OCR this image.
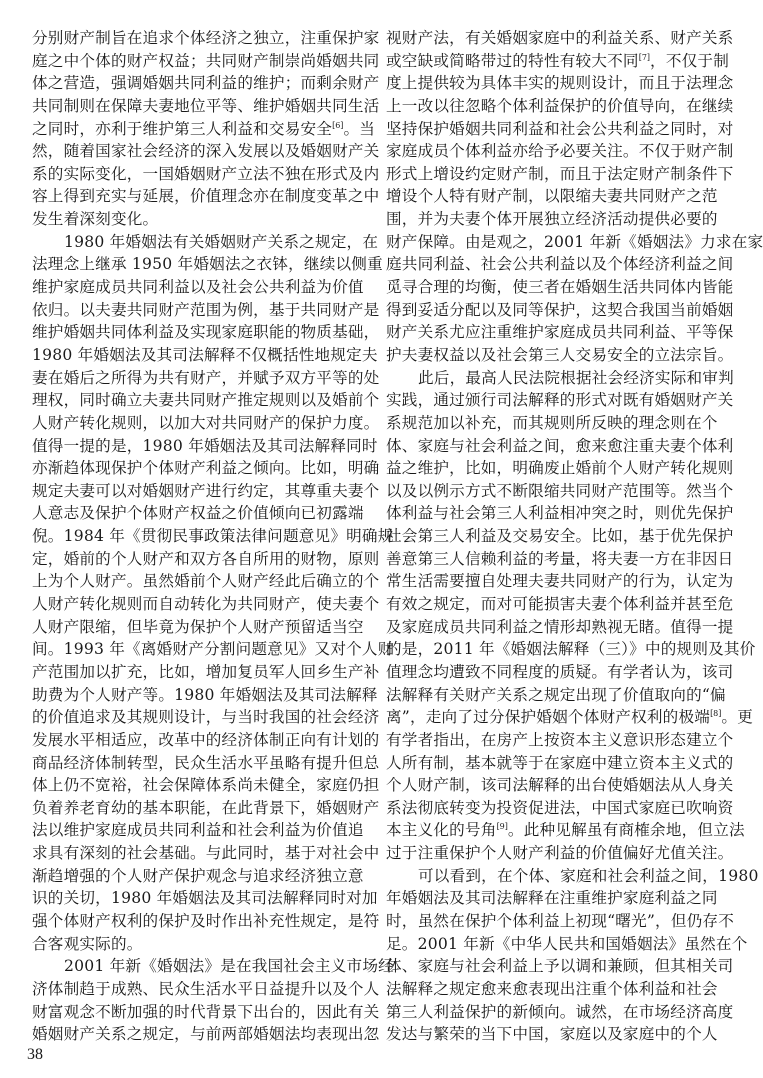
分别财产制旨在追求个体经济之独立，注重保护家
庭之中个体的财产权益；共同财产制崇尚婚姻共同
体之营造，强调婚姻共同利益的维护；而剩余财产
共同制则在保障夫妻地位平等、维护婚姻共同生活
之同时，亦利于维护第三人利益和交易安全[6]。当
然，随着国家社会经济的深入发展以及婚姻财产关
系的实际变化，一国婚姻财产立法不独在形式及内
容上得到充实与延展，价值理念亦在制度变革之中
发生着深刻变化。
1980 年婚姻法有关婚姻财产关系之规定，在
法理念上继承 1950 年婚姻法之衣钵，继续以侧重
维护家庭成员共同利益以及社会公共利益为价值
依归。以夫妻共同财产范围为例，基于共同财产是
维护婚姻共同体利益及实现家庭职能的物质基础，
1980 年婚姻法及其司法解释不仅概括性地规定夫
妻在婚后之所得为共有财产，并赋予双方平等的处
理权，同时确立夫妻共同财产推定规则以及婚前个
人财产转化规则，以加大对共同财产的保护力度。
值得一提的是，1980 年婚姻法及其司法解释同时
亦渐趋体现保护个体财产利益之倾向。比如，明确
规定夫妻可以对婚姻财产进行约定，其尊重夫妻个
人意志及保护个体财产权益之价值倾向已初露端
倪。1984 年《贯彻民事政策法律问题意见》明确规
定，婚前的个人财产和双方各自所用的财物，原则
上为个人财产。虽然婚前个人财产经此后确立的个
人财产转化规则而自动转化为共同财产，使夫妻个
人财产限缩，但毕竟为保护个人财产预留适当空
间。1993 年《离婚财产分割问题意见》又对个人财
产范围加以扩充，比如，增加复员军人回乡生产补
助费为个人财产等。1980 年婚姻法及其司法解释
的价值追求及其规则设计，与当时我国的社会经济
发展水平相适应，改革中的经济体制正向有计划的
商品经济体制转型，民众生活水平虽略有提升但总
体上仍不宽裕，社会保障体系尚未健全，家庭仍担
负着养老育幼的基本职能，在此背景下，婚姻财产
法以维护家庭成员共同利益和社会利益为价值追
求具有深刻的社会基础。与此同时，基于对社会中
渐趋增强的个人财产保护观念与追求经济独立意
识的关切，1980 年婚姻法及其司法解释同时对加
强个体财产权利的保护及时作出补充性规定，是符
合客观实际的。
2001 年新《婚姻法》是在我国社会主义市场经
济体制趋于成熟、民众生活水平日益提升以及个人
财富观念不断加强的时代背景下出台的，因此有关
婚姻财产关系之规定，与前两部婚姻法均表现出忽
视财产法，有关婚姻家庭中的利益关系、财产关系
或空缺或简略带过的特性有较大不同[7]，不仅于制
度上提供较为具体丰实的规则设计，而且于法理念
上一改以往忽略个体利益保护的价值导向，在继续
坚持保护婚姻共同利益和社会公共利益之同时，对
家庭成员个体利益亦给予必要关注。不仅于财产制
形式上增设约定财产制，而且于法定财产制条件下
增设个人特有财产制，以限缩夫妻共同财产之范
围，并为夫妻个体开展独立经济活动提供必要的
财产保障。由是观之，2001 年新《婚姻法》力求在家
庭共同利益、社会公共利益以及个体经济利益之间
觅寻合理的均衡，使三者在婚姻生活共同体内皆能
得到妥适分配以及同等保护，这契合我国当前婚姻
财产关系尤应注重维护家庭成员共同利益、平等保
护夫妻权益以及社会第三人交易安全的立法宗旨。
此后，最高人民法院根据社会经济实际和审判
实践，通过颁行司法解释的形式对既有婚姻财产关
系规范加以补充，而其规则所反映的理念则在个
体、家庭与社会利益之间，愈来愈注重夫妻个体利
益之维护，比如，明确废止婚前个人财产转化规则
以及以例示方式不断限缩共同财产范围等。然当个
体利益与社会第三人利益相冲突之时，则优先保护
社会第三人利益及交易安全。比如，基于优先保护
善意第三人信赖利益的考量，将夫妻一方在非因日
常生活需要擅自处理夫妻共同财产的行为，认定为
有效之规定，而对可能损害夫妻个体利益并甚至危
及家庭成员共同利益之情形却熟视无睹。值得一提
的是，2011 年《婚姻法解释（三）》中的规则及其价
值理念均遭致不同程度的质疑。有学者认为，该司
法解释有关财产关系之规定出现了价值取向的“偏
离”，走向了过分保护婚姻个体财产权利的极端[8]。更
有学者指出，在房产上按资本主义意识形态建立个
人所有制，基本就等于在家庭中建立资本主义式的
个人财产制，该司法解释的出台使婚姻法从人身关
系法彻底转变为投资促进法，中国式家庭已吹响资
本主义化的号角[9]。此种见解虽有商榷余地，但立法
过于注重保护个人财产利益的价值偏好尤值关注。
可以看到，在个体、家庭和社会利益之间，1980
年婚姻法及其司法解释在注重维护家庭利益之同
时，虽然在保护个体利益上初现“曙光”，但仍存不
足。2001 年新《中华人民共和国婚姻法》虽然在个
体、家庭与社会利益上予以调和兼顾，但其相关司
法解释之规定愈来愈表现出注重个体利益和社会
第三人利益保护的新倾向。诚然，在市场经济高度
发达与繁荣的当下中国，家庭以及家庭中的个人
38
